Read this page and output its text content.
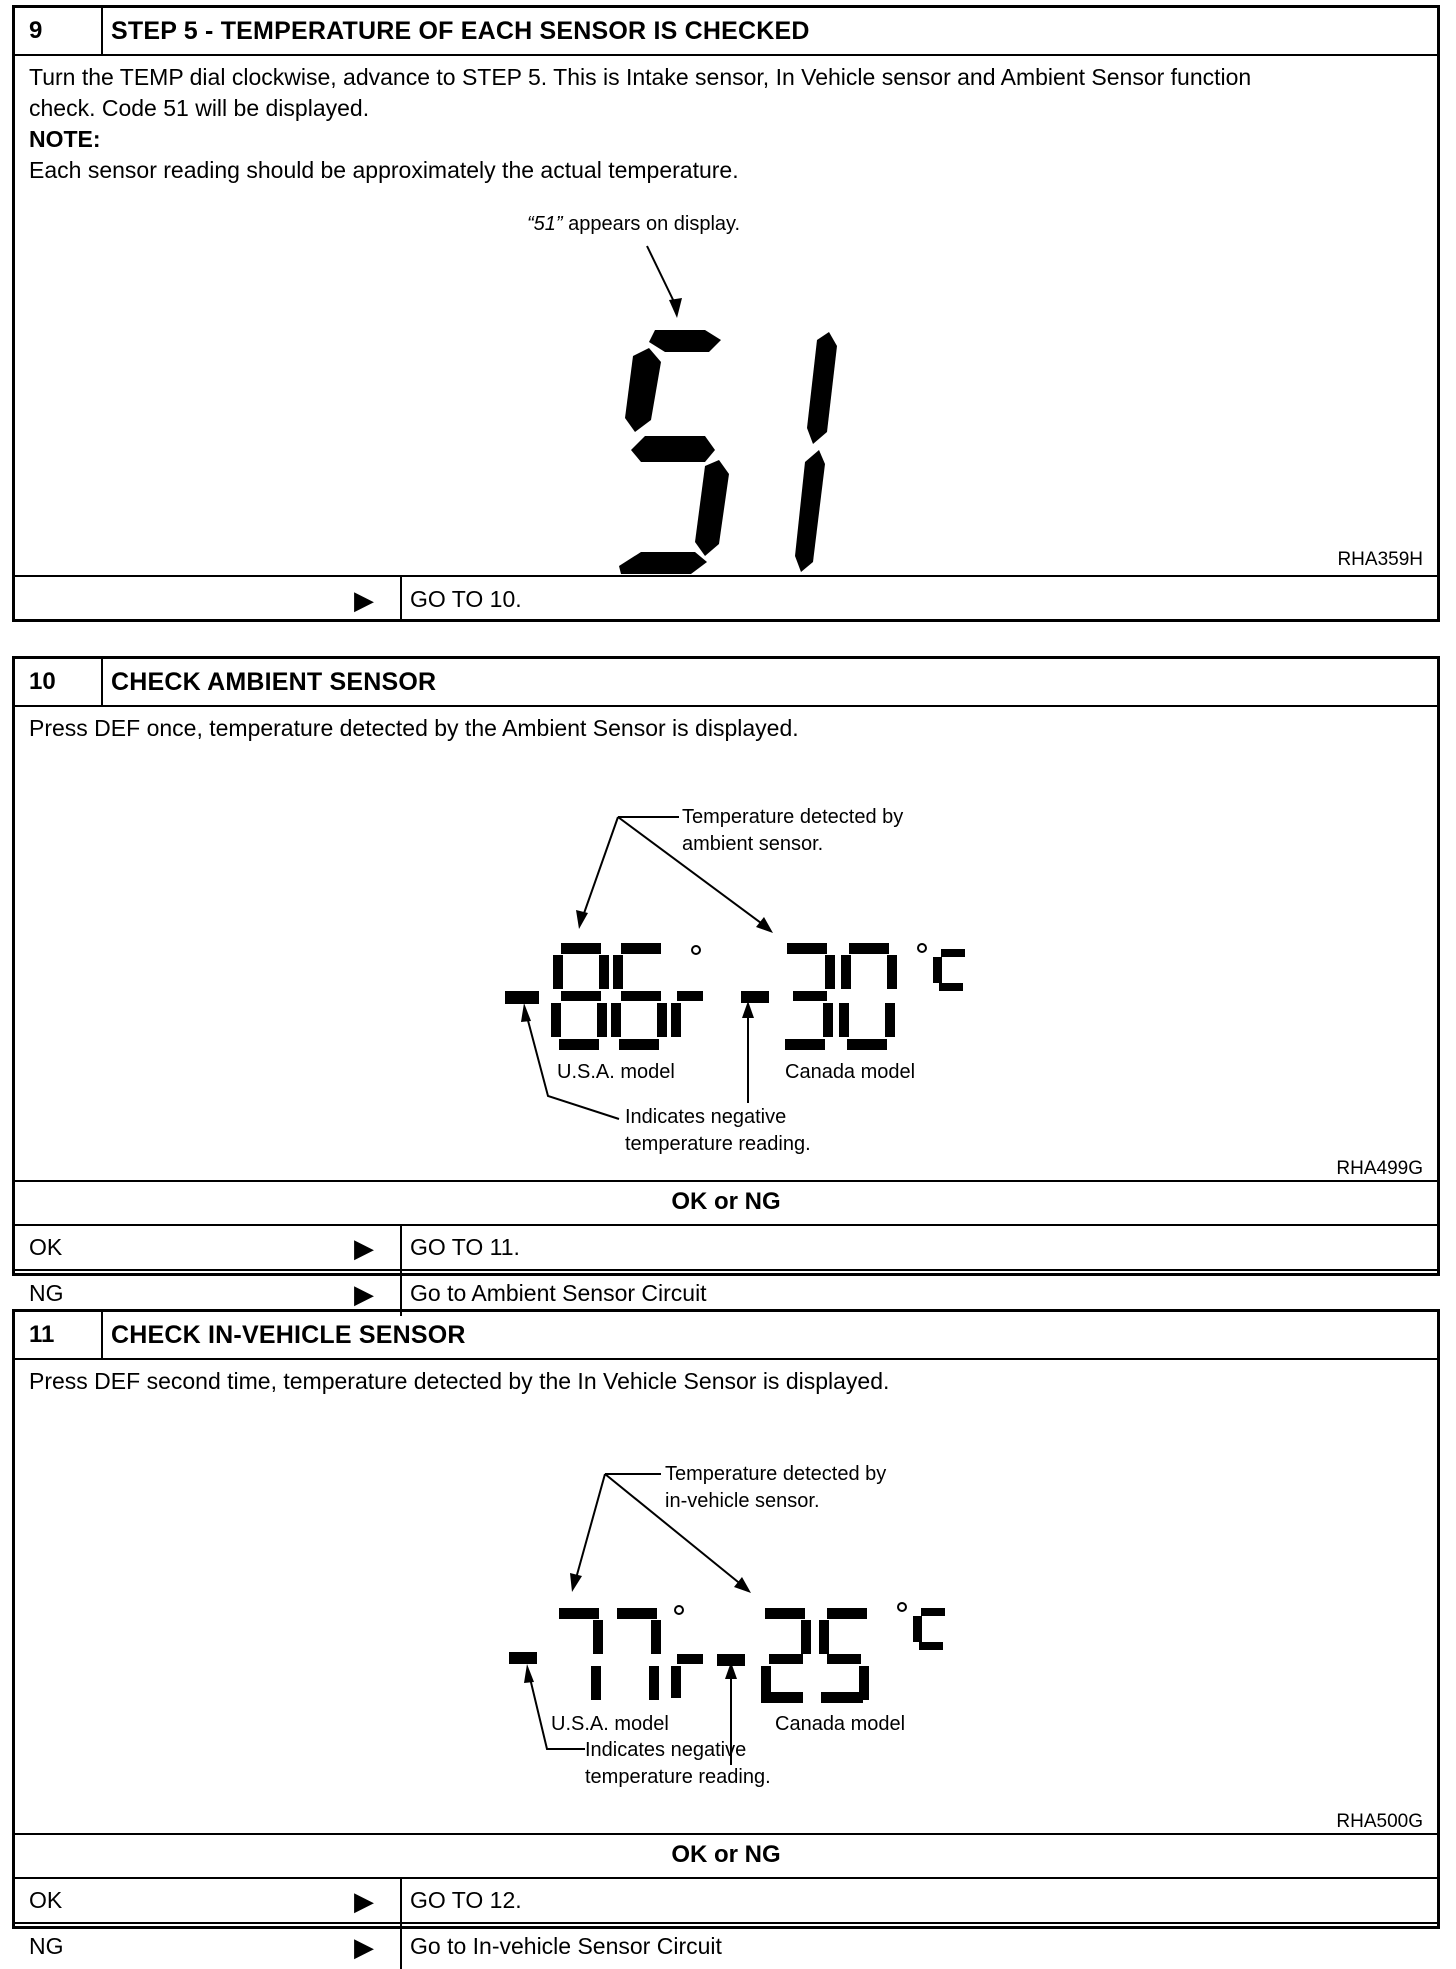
9	STEP 5 - TEMPERATURE OF EACH SENSOR IS CHECKED
Turn the TEMP dial clockwise, advance to STEP 5. This is Intake sensor, In Vehicle sensor and Ambient Sensor function
check. Code 51 will be displayed.
NOTE:
Each sensor reading should be approximately the actual temperature.
“51” appears on display.
RHA359H
▶	GO TO 10.
10	CHECK AMBIENT SENSOR
Press DEF once, temperature detected by the Ambient Sensor is displayed.
Temperature detected by
ambient sensor.
U.S.A. model	Canada model
Indicates negative
temperature reading.
RHA499G
OK or NG
OK	▶	GO TO 11.
NG	▶	Go to Ambient Sensor Circuit
11	CHECK IN-VEHICLE SENSOR
Press DEF second time, temperature detected by the In Vehicle Sensor is displayed.
Temperature detected by
in-vehicle sensor.
U.S.A. model	Canada model
Indicates negative
temperature reading.
RHA500G
OK or NG
OK	▶	GO TO 12.
NG	▶	Go to In-vehicle Sensor Circuit
